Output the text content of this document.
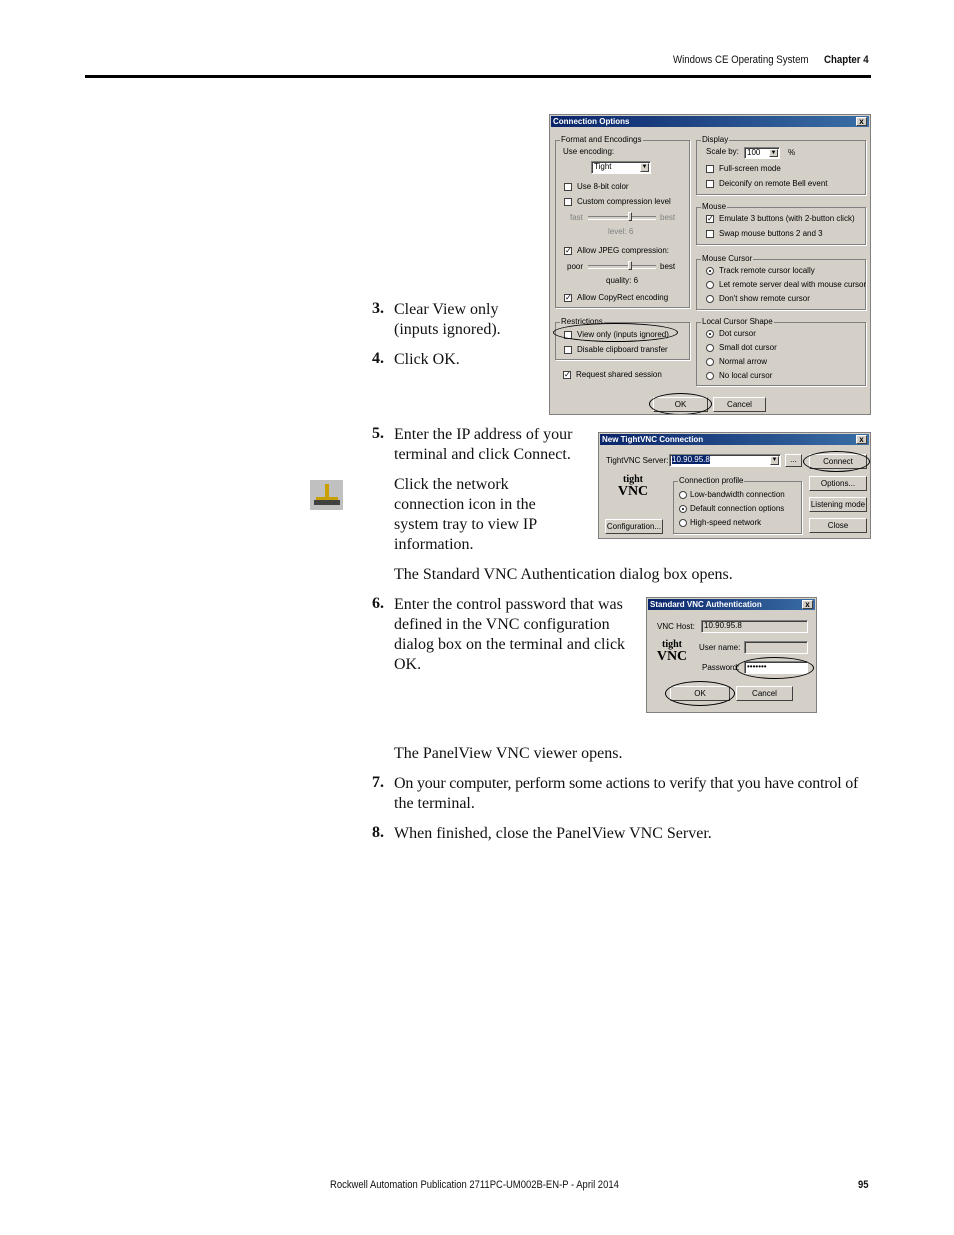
Windows CE Operating System Chapter 4
Connection Options	x
Format and Encodings
Use encoding:
Tight	▼
Use 8-bit color
Custom compression level
fast	best
level: 6
✓ Allow JPEG compression:
poor	best
quality: 6
✓ Allow CopyRect encoding
Display
Scale by:	100 ▼ %
Full-screen mode
Deiconify on remote Bell event
Mouse
✓ Emulate 3 buttons (with 2-button click)
Swap mouse buttons 2 and 3
Mouse Cursor
Track remote cursor locally
Let remote server deal with mouse cursor
Don't show remote cursor
Restrictions
View only (inputs ignored)
Disable clipboard transfer
Local Cursor Shape
Dot cursor
Small dot cursor
Normal arrow
No local cursor
✓ Request shared session
OK	Cancel
3. Clear View only
(inputs ignored).
4. Click OK.
5. Enter the IP address of your
terminal and click Connect.
Click the network
connection icon in the
system tray to view IP
information.
New TightVNC Connection	x
TightVNC Server: 10.90.95.8	▼	...	Connect
tight
VNC
Connection profile
Low-bandwidth connection
Default connection options
High-speed network
Configuration...
Options...
Listening mode
Close
The Standard VNC Authentication dialog box opens.
6. Enter the control password that was
defined in the VNC configuration
dialog box on the terminal and click
OK.
Standard VNC Authentication	x
VNC Host:	10.90.95.8
tight
VNC
User name:
Password: •••••••
OK	Cancel
The PanelView VNC viewer opens.
7. On your computer, perform some actions to verify that you have control of
the terminal.
8. When finished, close the PanelView VNC Server.
Rockwell Automation Publication 2711PC-UM002B-EN-P - April 2014	95
